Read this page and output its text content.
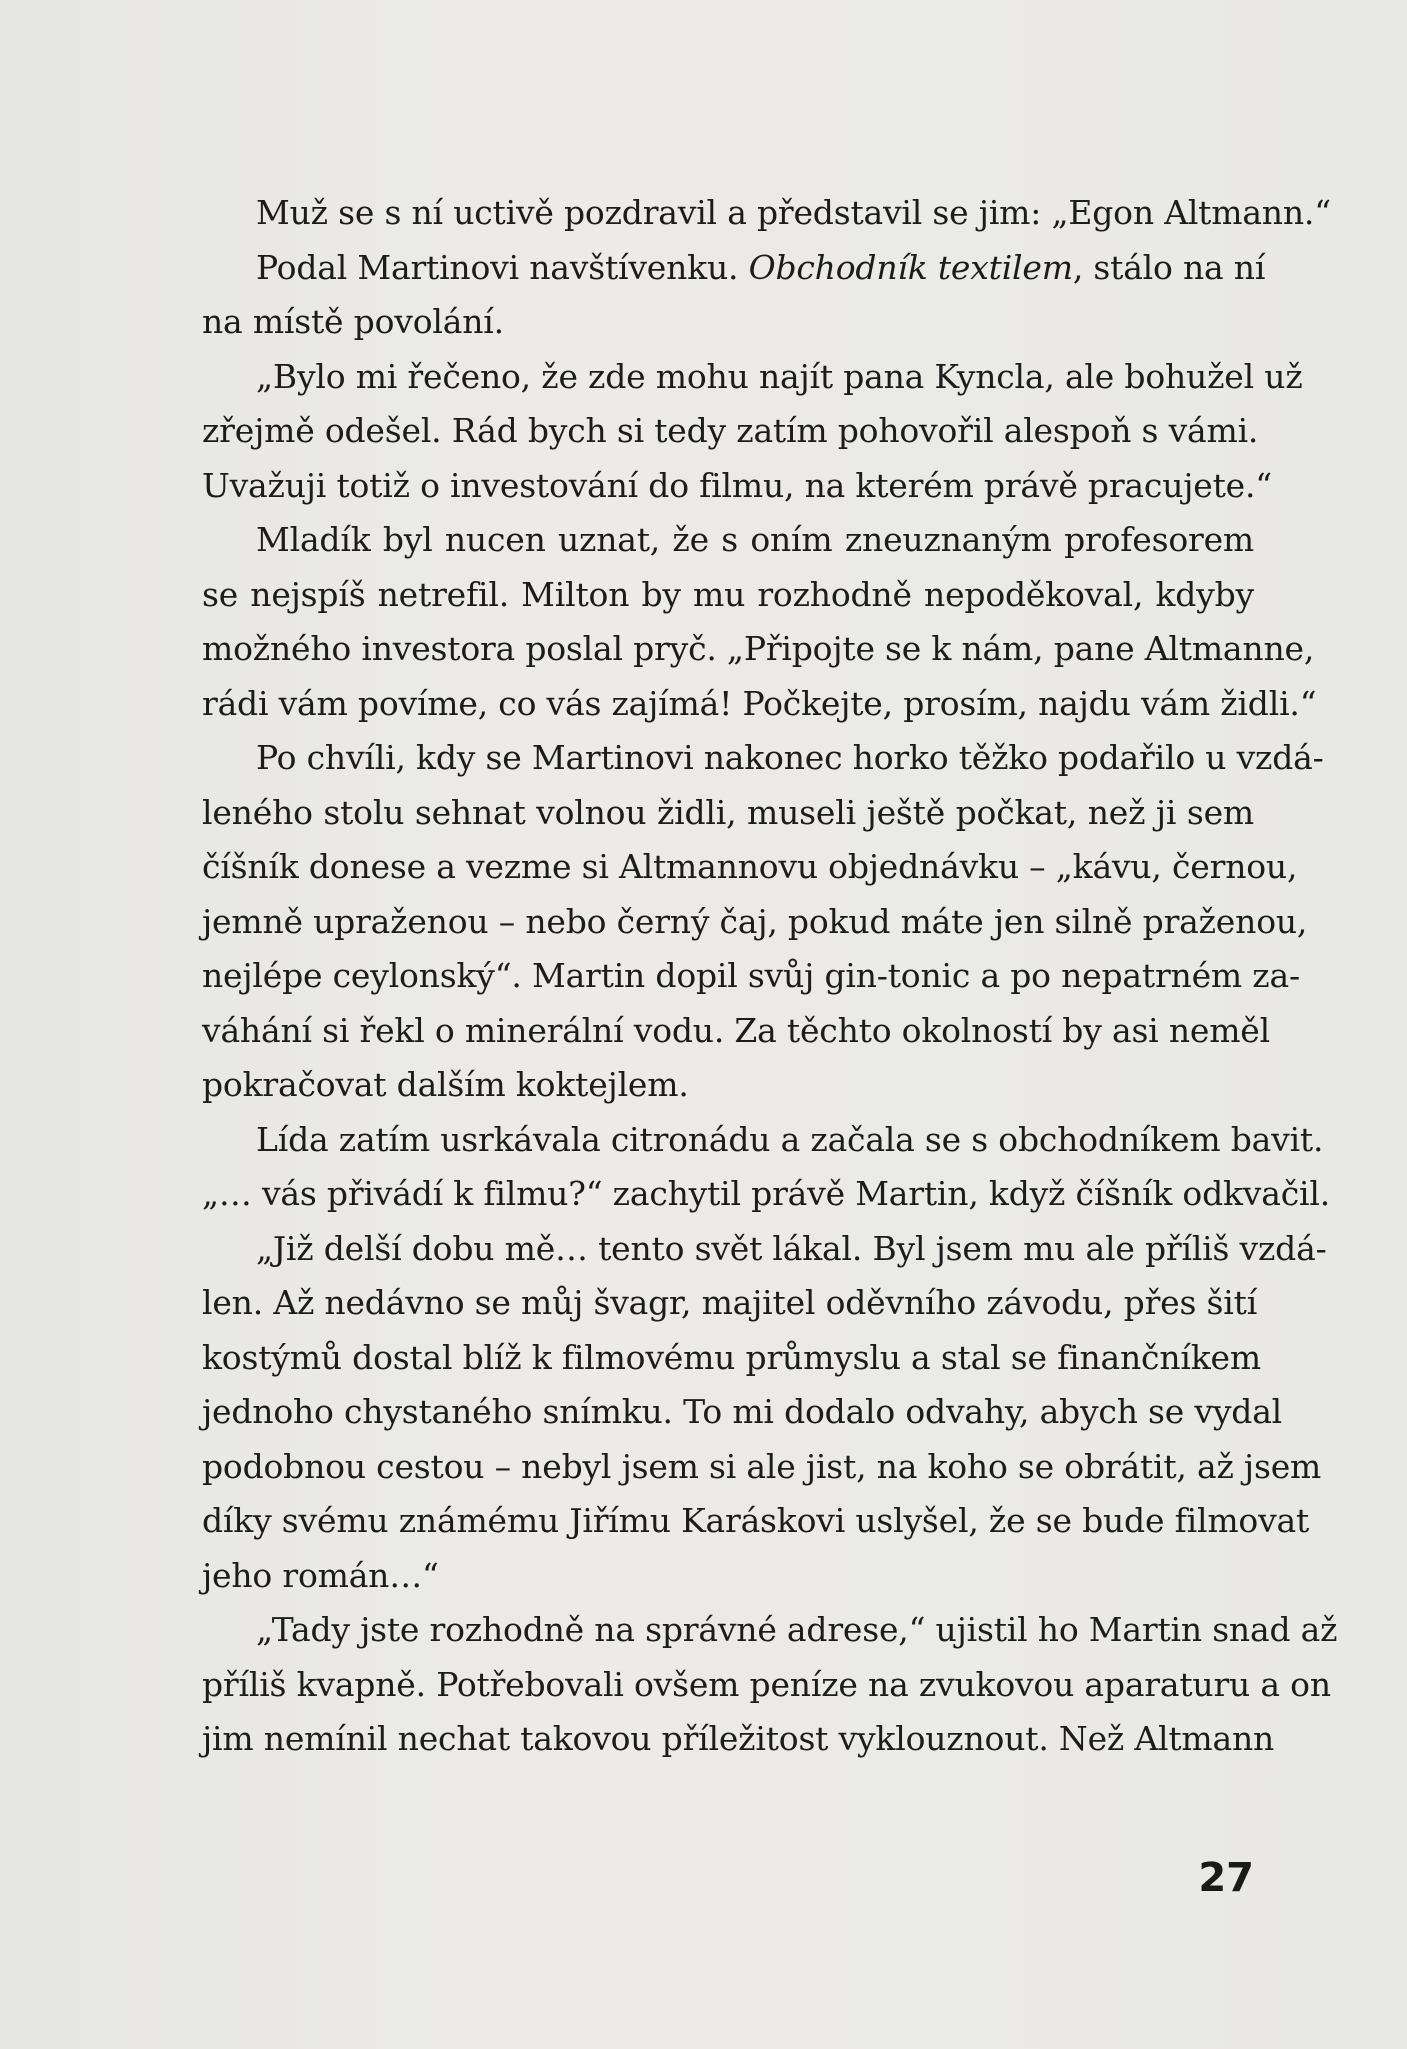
Muž se s ní uctivě pozdravil a představil se jim: „Egon Altmann.“

Podal Martinovi navštívenku. Obchodník textilem, stálo na ní
na místě povolání.

„Bylo mi řečeno, že zde mohu najít pana Kyncla, ale bohužel už
zřejmě odešel. Rád bych si tedy zatím pohovořil alespoň s vámi.
Uvažuji totiž o investování do filmu, na kterém právě pracujete.“

Mladík byl nucen uznat, že s oním zneuznaným profesorem
se nejspíš netrefil. Milton by mu rozhodně nepoděkoval, kdyby
možného investora poslal pryč. „Připojte se k nám, pane Altmanne,
rádi vám povíme, co vás zajímá! Počkejte, prosím, najdu vám židli.“

Po chvíli, kdy se Martinovi nakonec horko těžko podařilo u vzdá-
leného stolu sehnat volnou židli, museli ještě počkat, než ji sem
číšník donese a vezme si Altmannovu objednávku – „kávu, černou,
jemně upraženou – nebo černý čaj, pokud máte jen silně praženou,
nejlépe ceylonský“. Martin dopil svůj gin-tonic a po nepatrném za-
váhání si řekl o minerální vodu. Za těchto okolností by asi neměl
pokračovat dalším koktejlem.

Lída zatím usrkávala citronádu a začala se s obchodníkem bavit.
„… vás přivádí k filmu?“ zachytil právě Martin, když číšník odkvačil.

„Již delší dobu mě… tento svět lákal. Byl jsem mu ale příliš vzdá-
len. Až nedávno se můj švagr, majitel oděvního závodu, přes šití
kostýmů dostal blíž k filmovému průmyslu a stal se finančníkem
jednoho chystaného snímku. To mi dodalo odvahy, abych se vydal
podobnou cestou – nebyl jsem si ale jist, na koho se obrátit, až jsem
díky svému známému Jiřímu Karáskovi uslyšel, že se bude filmovat
jeho román…“

„Tady jste rozhodně na správné adrese,“ ujistil ho Martin snad až
příliš kvapně. Potřebovali ovšem peníze na zvukovou aparaturu a on
jim nemínil nechat takovou příležitost vyklouznout. Než Altmann

27
